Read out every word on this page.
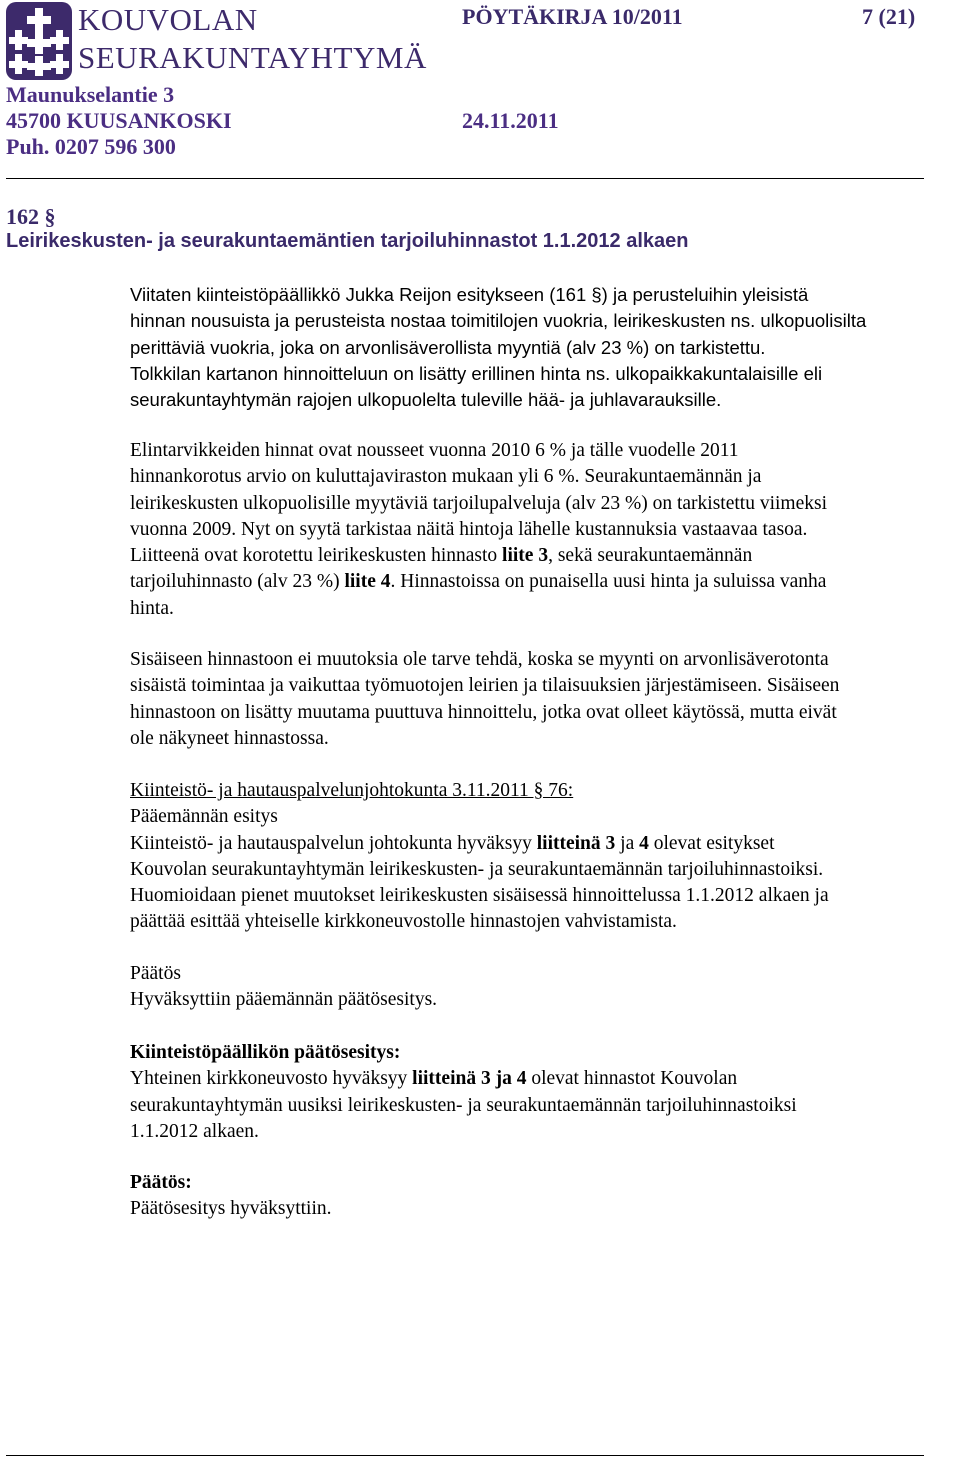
KOUVOLAN
SEURAKUNTAYHTYMÄ
PÖYTÄKIRJA 10/2011	7 (21)
Maunukselantie 3
45700 KUUSANKOSKI	24.11.2011
Puh. 0207 596 300
162 §
Leirikeskusten- ja seurakuntaemäntien tarjoiluhinnastot 1.1.2012 alkaen

Viitaten kiinteistöpäällikkö Jukka Reijon esitykseen (161 §) ja perusteluihin yleisistä

hinnan nousuista ja perusteista nostaa toimitilojen vuokria, leirikeskusten ns. ulkopuolisilta

perittäviä vuokria, joka on arvonlisäverollista myyntiä (alv 23 %) on tarkistettu.

Tolkkilan kartanon hinnoitteluun on lisätty erillinen hinta ns. ulkopaikkakuntalaisille eli

seurakuntayhtymän rajojen ulkopuolelta tuleville hää- ja juhlavarauksille.

Elintarvikkeiden hinnat ovat nousseet vuonna 2010 6 % ja tälle vuodelle 2011

hinnankorotus arvio on kuluttajaviraston mukaan yli 6 %. Seurakuntaemännän ja

leirikeskusten ulkopuolisille myytäviä tarjoilupalveluja (alv 23 %) on tarkistettu viimeksi

vuonna 2009. Nyt on syytä tarkistaa näitä hintoja lähelle kustannuksia vastaavaa tasoa.

Liitteenä ovat korotettu leirikeskusten hinnasto liite 3, sekä seurakuntaemännän

tarjoiluhinnasto (alv 23 %) liite 4. Hinnastoissa on punaisella uusi hinta ja suluissa vanha

hinta.

Sisäiseen hinnastoon ei muutoksia ole tarve tehdä, koska se myynti on arvonlisäverotonta

sisäistä toimintaa ja vaikuttaa työmuotojen leirien ja tilaisuuksien järjestämiseen. Sisäiseen

hinnastoon on lisätty muutama puuttuva hinnoittelu, jotka ovat olleet käytössä, mutta eivät

ole näkyneet hinnastossa.

Kiinteistö- ja hautauspalvelunjohtokunta 3.11.2011 § 76:

Pääemännän esitys

Kiinteistö- ja hautauspalvelun johtokunta hyväksyy liitteinä 3 ja 4 olevat esitykset

Kouvolan seurakuntayhtymän leirikeskusten- ja seurakuntaemännän tarjoiluhinnastoiksi.

Huomioidaan pienet muutokset leirikeskusten sisäisessä hinnoittelussa 1.1.2012 alkaen ja

päättää esittää yhteiselle kirkkoneuvostolle hinnastojen vahvistamista.

Päätös

Hyväksyttiin pääemännän päätösesitys.

Kiinteistöpäällikön päätösesitys:

Yhteinen kirkkoneuvosto hyväksyy liitteinä 3 ja 4 olevat hinnastot Kouvolan

seurakuntayhtymän uusiksi leirikeskusten- ja seurakuntaemännän tarjoiluhinnastoiksi

1.1.2012 alkaen.

Päätös:

Päätösesitys hyväksyttiin.
